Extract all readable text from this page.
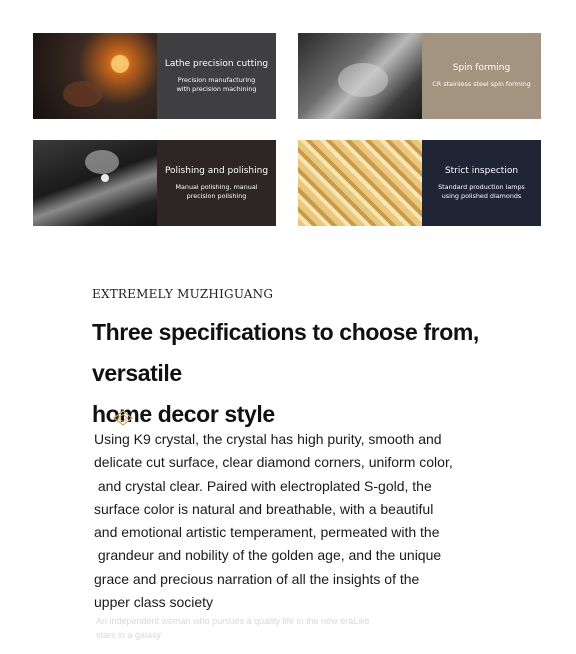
Lathe precision cutting
Precision manufacturing
with precision machining
Spin forming
CR stainless steel spin forming
Polishing and polishing
Manual polishing, manual
precision polishing
Strict inspection
Standard production lamps
using polished diamonds
EXTREMELY MUZHIGUANG
Three specifications to choose from, versatile
home decor style
Using K9 crystal, the crystal has high purity, smooth and
delicate cut surface, clear diamond corners, uniform color,
and crystal clear. Paired with electroplated S-gold, the
surface color is natural and breathable, with a beautiful
and emotional artistic temperament, permeated with the
grandeur and nobility of the golden age, and the unique
grace and precious narration of all the insights of the
upper class society
An independent woman who pursues a quality life in the new eraLike
stars in a galaxy
